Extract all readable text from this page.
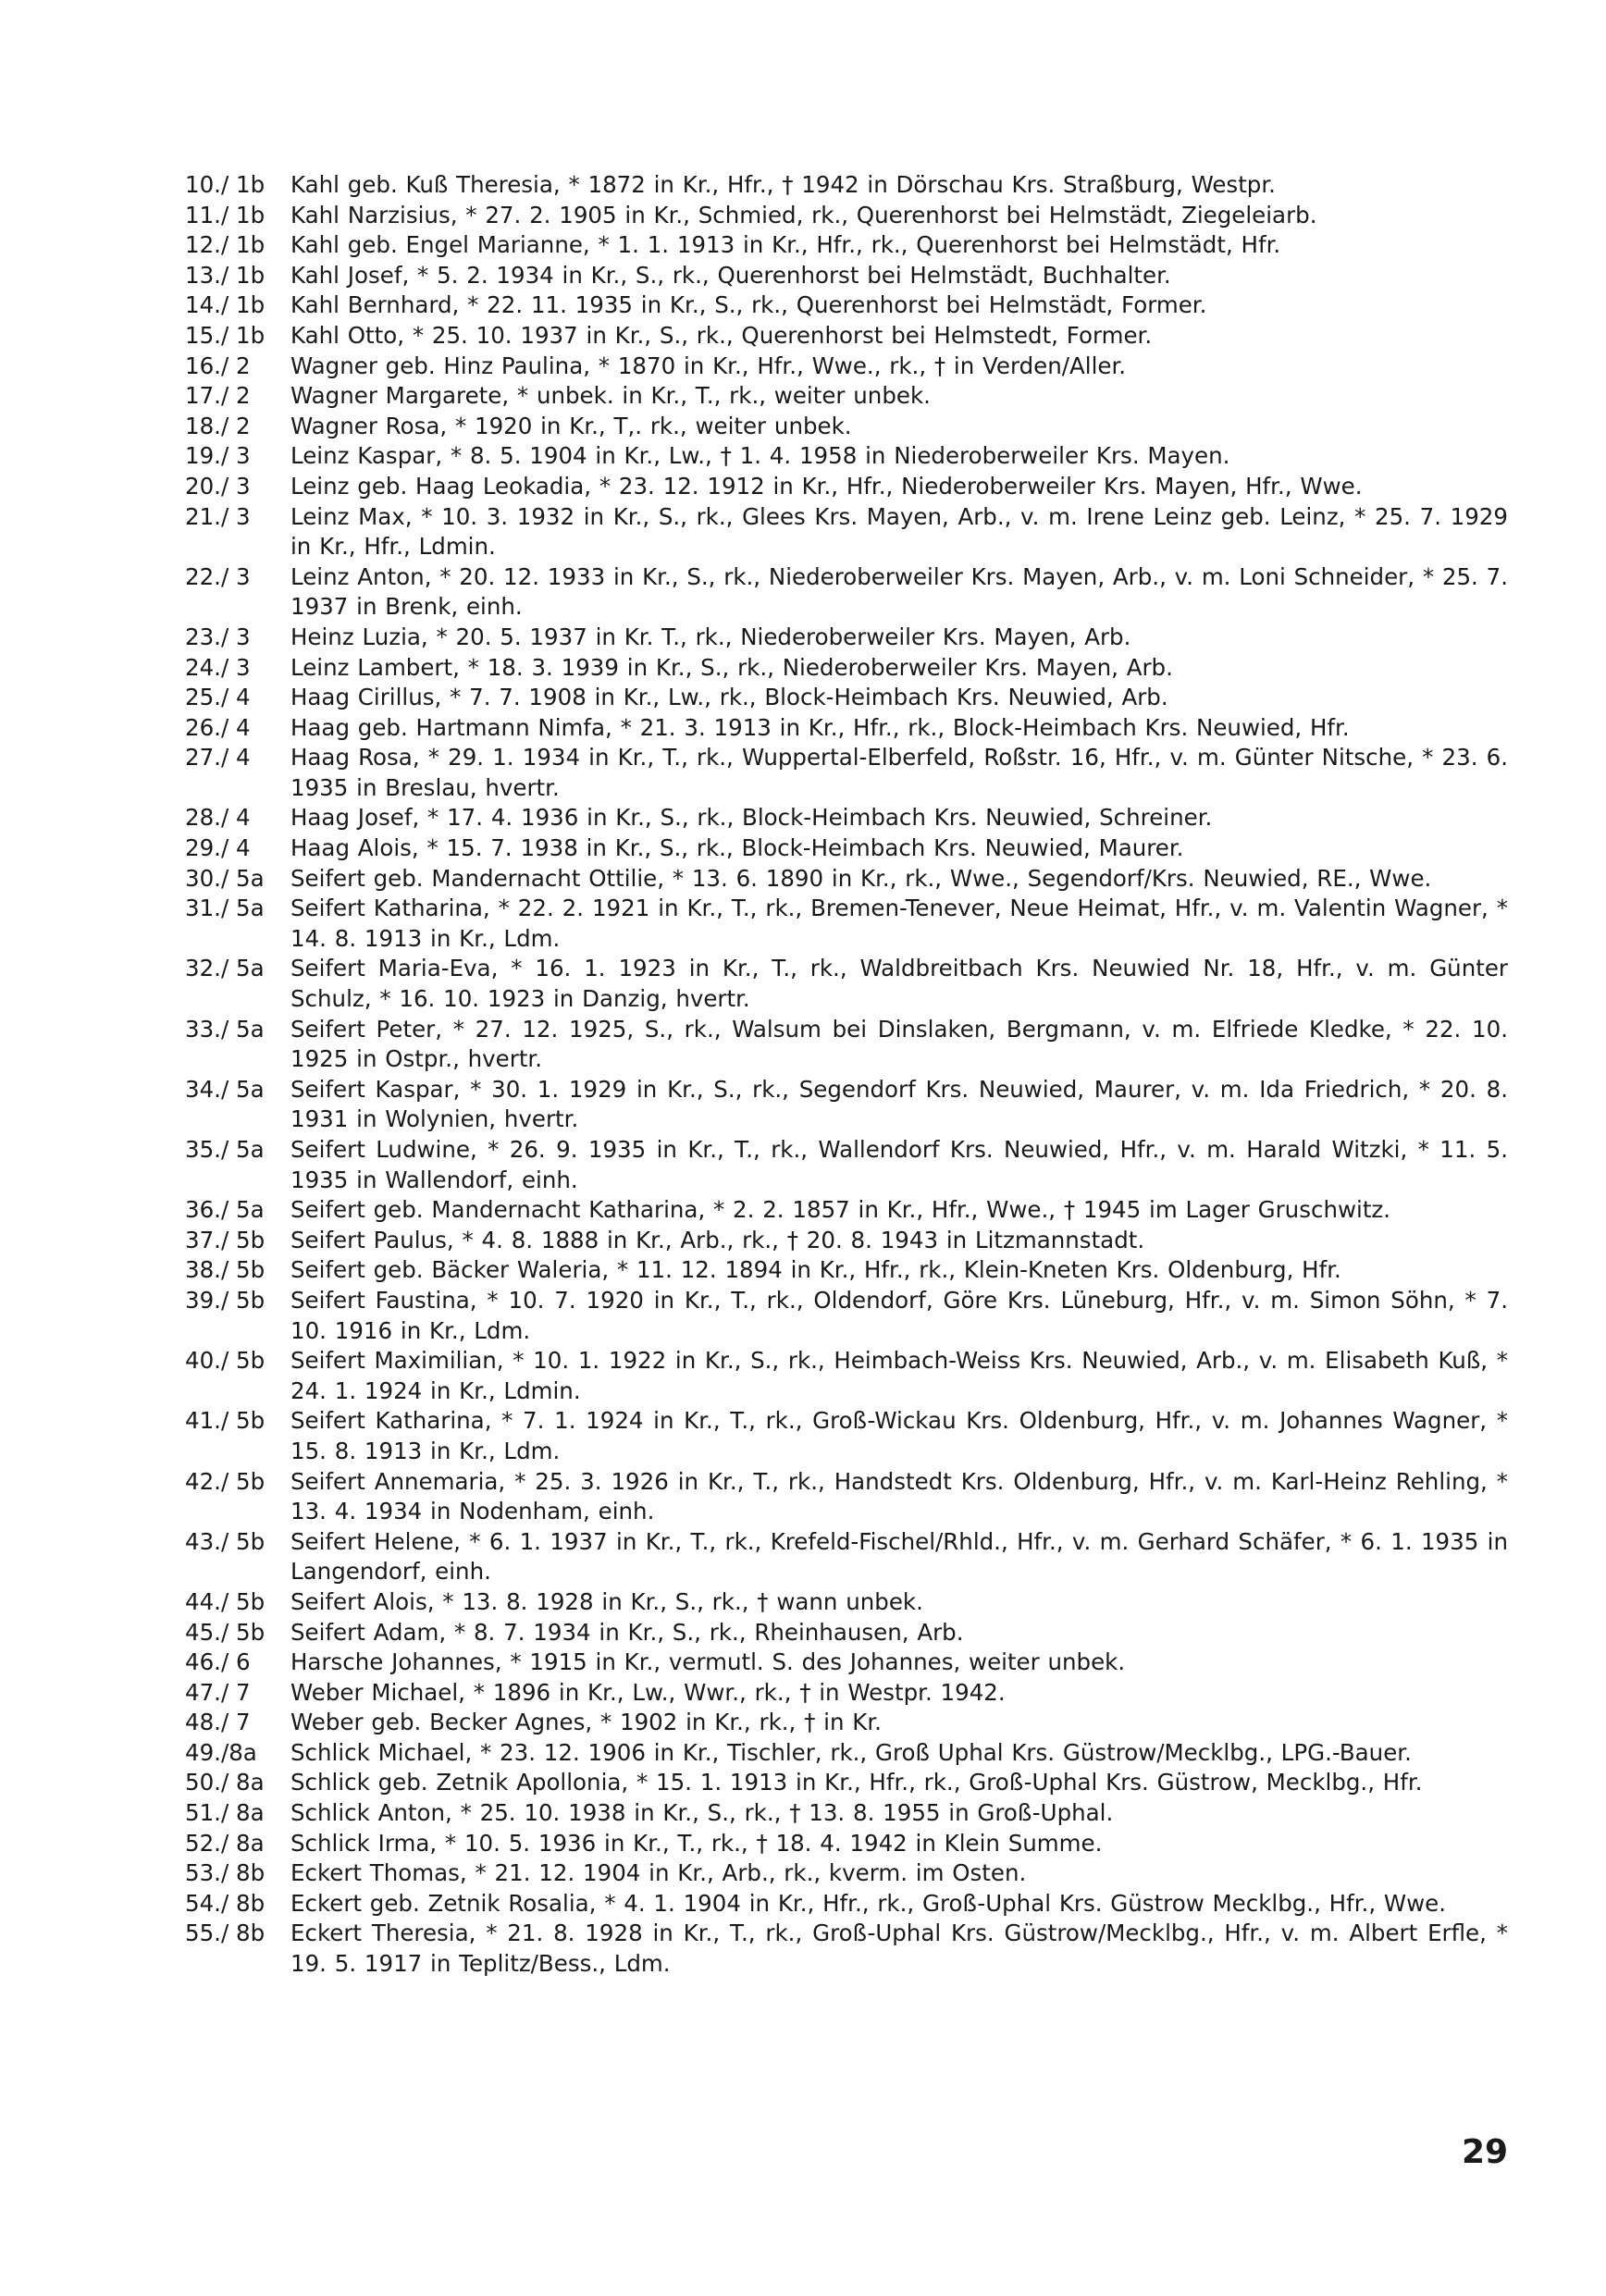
10./ 1b	Kahl geb. Kuß Theresia, * 1872 in Kr., Hfr., † 1942 in Dörschau Krs. Straßburg, Westpr.
11./ 1b	Kahl Narzisius, * 27. 2. 1905 in Kr., Schmied, rk., Querenhorst bei Helmstädt, Ziegeleiarb.
12./ 1b	Kahl geb. Engel Marianne, * 1. 1. 1913 in Kr., Hfr., rk., Querenhorst bei Helmstädt, Hfr.
13./ 1b	Kahl Josef, * 5. 2. 1934 in Kr., S., rk., Querenhorst bei Helmstädt, Buchhalter.
14./ 1b	Kahl Bernhard, * 22. 11. 1935 in Kr., S., rk., Querenhorst bei Helmstädt, Former.
15./ 1b	Kahl Otto, * 25. 10. 1937 in Kr., S., rk., Querenhorst bei Helmstedt, Former.
16./ 2	Wagner geb. Hinz Paulina, * 1870 in Kr., Hfr., Wwe., rk., † in Verden/Aller.
17./ 2	Wagner Margarete, * unbek. in Kr., T., rk., weiter unbek.
18./ 2	Wagner Rosa, * 1920 in Kr., T,. rk., weiter unbek.
19./ 3	Leinz Kaspar, * 8. 5. 1904 in Kr., Lw., † 1. 4. 1958 in Niederoberweiler Krs. Mayen.
20./ 3	Leinz geb. Haag Leokadia, * 23. 12. 1912 in Kr., Hfr., Niederoberweiler Krs. Mayen, Hfr., Wwe.
21./ 3	Leinz Max, * 10. 3. 1932 in Kr., S., rk., Glees Krs. Mayen, Arb., v. m. Irene Leinz geb. Leinz, * 25. 7. 1929 in Kr., Hfr., Ldmin.
22./ 3	Leinz Anton, * 20. 12. 1933 in Kr., S., rk., Niederoberweiler Krs. Mayen, Arb., v. m. Loni Schneider, * 25. 7. 1937 in Brenk, einh.
23./ 3	Heinz Luzia, * 20. 5. 1937 in Kr. T., rk., Niederoberweiler Krs. Mayen, Arb.
24./ 3	Leinz Lambert, * 18. 3. 1939 in Kr., S., rk., Niederoberweiler Krs. Mayen, Arb.
25./ 4	Haag Cirillus, * 7. 7. 1908 in Kr., Lw., rk., Block-Heimbach Krs. Neuwied, Arb.
26./ 4	Haag geb. Hartmann Nimfa, * 21. 3. 1913 in Kr., Hfr., rk., Block-Heimbach Krs. Neuwied, Hfr.
27./ 4	Haag Rosa, * 29. 1. 1934 in Kr., T., rk., Wuppertal-Elberfeld, Roßstr. 16, Hfr., v. m. Günter Nitsche, * 23. 6. 1935 in Breslau, hvertr.
28./ 4	Haag Josef, * 17. 4. 1936 in Kr., S., rk., Block-Heimbach Krs. Neuwied, Schreiner.
29./ 4	Haag Alois, * 15. 7. 1938 in Kr., S., rk., Block-Heimbach Krs. Neuwied, Maurer.
30./ 5a	Seifert geb. Mandernacht Ottilie, * 13. 6. 1890 in Kr., rk., Wwe., Segendorf/Krs. Neuwied, RE., Wwe.
31./ 5a	Seifert Katharina, * 22. 2. 1921 in Kr., T., rk., Bremen-Tenever, Neue Heimat, Hfr., v. m. Valentin Wagner, * 14. 8. 1913 in Kr., Ldm.
32./ 5a	Seifert Maria-Eva, * 16. 1. 1923 in Kr., T., rk., Waldbreitbach Krs. Neuwied Nr. 18, Hfr., v. m. Günter Schulz, * 16. 10. 1923 in Danzig, hvertr.
33./ 5a	Seifert Peter, * 27. 12. 1925, S., rk., Walsum bei Dinslaken, Bergmann, v. m. Elfriede Kledke, * 22. 10. 1925 in Ostpr., hvertr.
34./ 5a	Seifert Kaspar, * 30. 1. 1929 in Kr., S., rk., Segendorf Krs. Neuwied, Maurer, v. m. Ida Friedrich, * 20. 8. 1931 in Wolynien, hvertr.
35./ 5a	Seifert Ludwine, * 26. 9. 1935 in Kr., T., rk., Wallendorf Krs. Neuwied, Hfr., v. m. Harald Witzki, * 11. 5. 1935 in Wallendorf, einh.
36./ 5a	Seifert geb. Mandernacht Katharina, * 2. 2. 1857 in Kr., Hfr., Wwe., † 1945 im Lager Gruschwitz.
37./ 5b	Seifert Paulus, * 4. 8. 1888 in Kr., Arb., rk., † 20. 8. 1943 in Litzmannstadt.
38./ 5b	Seifert geb. Bäcker Waleria, * 11. 12. 1894 in Kr., Hfr., rk., Klein-Kneten Krs. Oldenburg, Hfr.
39./ 5b	Seifert Faustina, * 10. 7. 1920 in Kr., T., rk., Oldendorf, Göre Krs. Lüneburg, Hfr., v. m. Simon Söhn, * 7. 10. 1916 in Kr., Ldm.
40./ 5b	Seifert Maximilian, * 10. 1. 1922 in Kr., S., rk., Heimbach-Weiss Krs. Neuwied, Arb., v. m. Elisabeth Kuß, * 24. 1. 1924 in Kr., Ldmin.
41./ 5b	Seifert Katharina, * 7. 1. 1924 in Kr., T., rk., Groß-Wickau Krs. Oldenburg, Hfr., v. m. Johannes Wagner, * 15. 8. 1913 in Kr., Ldm.
42./ 5b	Seifert Annemaria, * 25. 3. 1926 in Kr., T., rk., Handstedt Krs. Oldenburg, Hfr., v. m. Karl-Heinz Rehling, * 13. 4. 1934 in Nodenham, einh.
43./ 5b	Seifert Helene, * 6. 1. 1937 in Kr., T., rk., Krefeld-Fischel/Rhld., Hfr., v. m. Gerhard Schäfer, * 6. 1. 1935 in Langendorf, einh.
44./ 5b	Seifert Alois, * 13. 8. 1928 in Kr., S., rk., † wann unbek.
45./ 5b	Seifert Adam, * 8. 7. 1934 in Kr., S., rk., Rheinhausen, Arb.
46./ 6	Harsche Johannes, * 1915 in Kr., vermutl. S. des Johannes, weiter unbek.
47./ 7	Weber Michael, * 1896 in Kr., Lw., Wwr., rk., † in Westpr. 1942.
48./ 7	Weber geb. Becker Agnes, * 1902 in Kr., rk., † in Kr.
49./8a	Schlick Michael, * 23. 12. 1906 in Kr., Tischler, rk., Groß Uphal Krs. Güstrow/Mecklbg., LPG.-Bauer.
50./ 8a	Schlick geb. Zetnik Apollonia, * 15. 1. 1913 in Kr., Hfr., rk., Groß-Uphal Krs. Güstrow, Mecklbg., Hfr.
51./ 8a	Schlick Anton, * 25. 10. 1938 in Kr., S., rk., † 13. 8. 1955 in Groß-Uphal.
52./ 8a	Schlick Irma, * 10. 5. 1936 in Kr., T., rk., † 18. 4. 1942 in Klein Summe.
53./ 8b	Eckert Thomas, * 21. 12. 1904 in Kr., Arb., rk., kverm. im Osten.
54./ 8b	Eckert geb. Zetnik Rosalia, * 4. 1. 1904 in Kr., Hfr., rk., Groß-Uphal Krs. Güstrow Mecklbg., Hfr., Wwe.
55./ 8b	Eckert Theresia, * 21. 8. 1928 in Kr., T., rk., Groß-Uphal Krs. Güstrow/Mecklbg., Hfr., v. m. Albert Erfle, * 19. 5. 1917 in Teplitz/Bess., Ldm.
29
